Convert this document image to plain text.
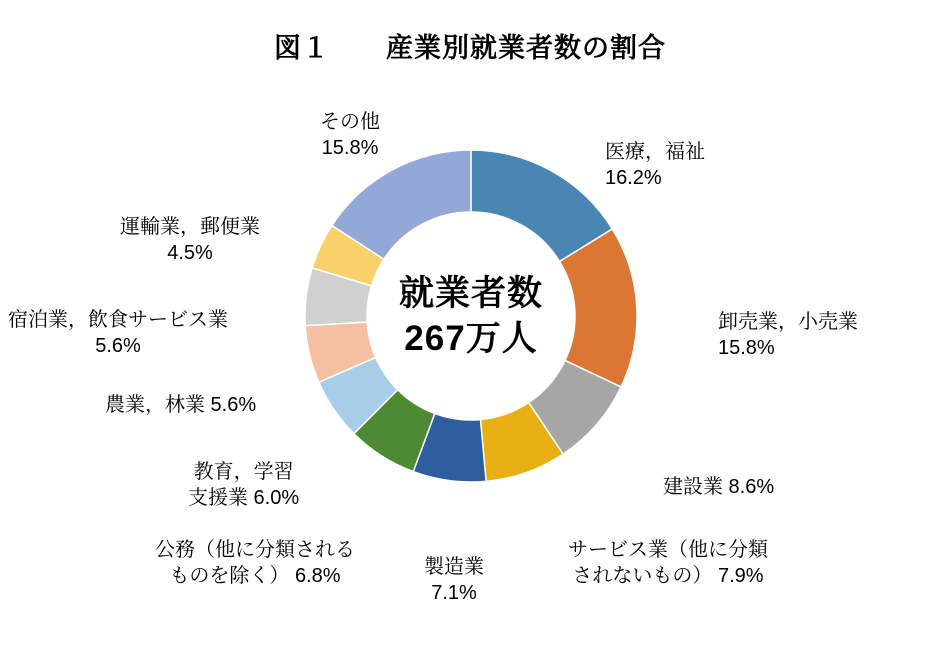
図１　　産業別就業者数の割合
就業者数
267万人
その他
15.8%
運輸業，郵便業
4.5%
宿泊業，飲食サービス業
5.6%
農業，林業 5.6%
教育，学習
支援業 6.0%
公務（他に分類される
ものを除く） 6.8%	製造業
7.1%
サービス業（他に分類
されないもの） 7.9%
建設業 8.6%
卸売業，小売業
15.8%
医療，福祉
16.2%
